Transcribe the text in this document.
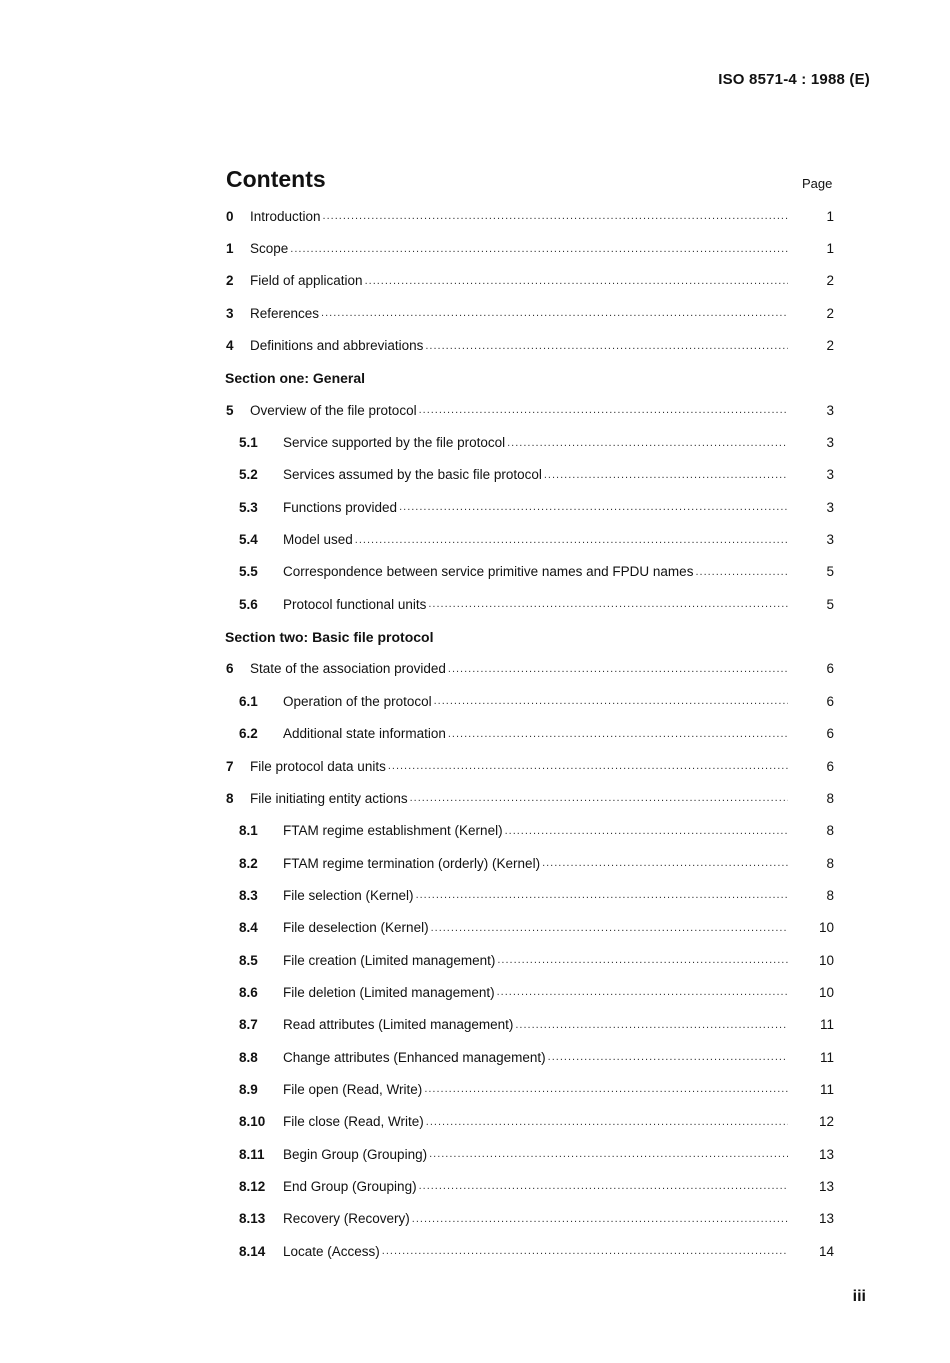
ISO 8571-4 : 1988 (E)
Contents	Page
0	Introduction .....	1
1	Scope .....	1
2	Field of application .....	2
3	References .....	2
4	Definitions and abbreviations .....	2
Section one: General
5	Overview of the file protocol .....	3
5.1	Service supported by the file protocol .....	3
5.2	Services assumed by the basic file protocol .....	3
5.3	Functions provided .....	3
5.4	Model used .....	3
5.5	Correspondence between service primitive names and FPDU names .....	5
5.6	Protocol functional units .....	5
Section two: Basic file protocol
6	State of the association provided .....	6
6.1	Operation of the protocol .....	6
6.2	Additional state information .....	6
7	File protocol data units .....	6
8	File initiating entity actions .....	8
8.1	FTAM regime establishment (Kernel) .....	8
8.2	FTAM regime termination (orderly) (Kernel) .....	8
8.3	File selection (Kernel) .....	8
8.4	File deselection (Kernel) .....	10
8.5	File creation (Limited management) .....	10
8.6	File deletion (Limited management) .....	10
8.7	Read attributes (Limited management) .....	11
8.8	Change attributes (Enhanced management) .....	11
8.9	File open (Read, Write) .....	11
8.10	File close (Read, Write) .....	12
8.11	Begin Group (Grouping) .....	13
8.12	End Group (Grouping) .....	13
8.13	Recovery (Recovery) .....	13
8.14	Locate (Access) .....	14
iii
